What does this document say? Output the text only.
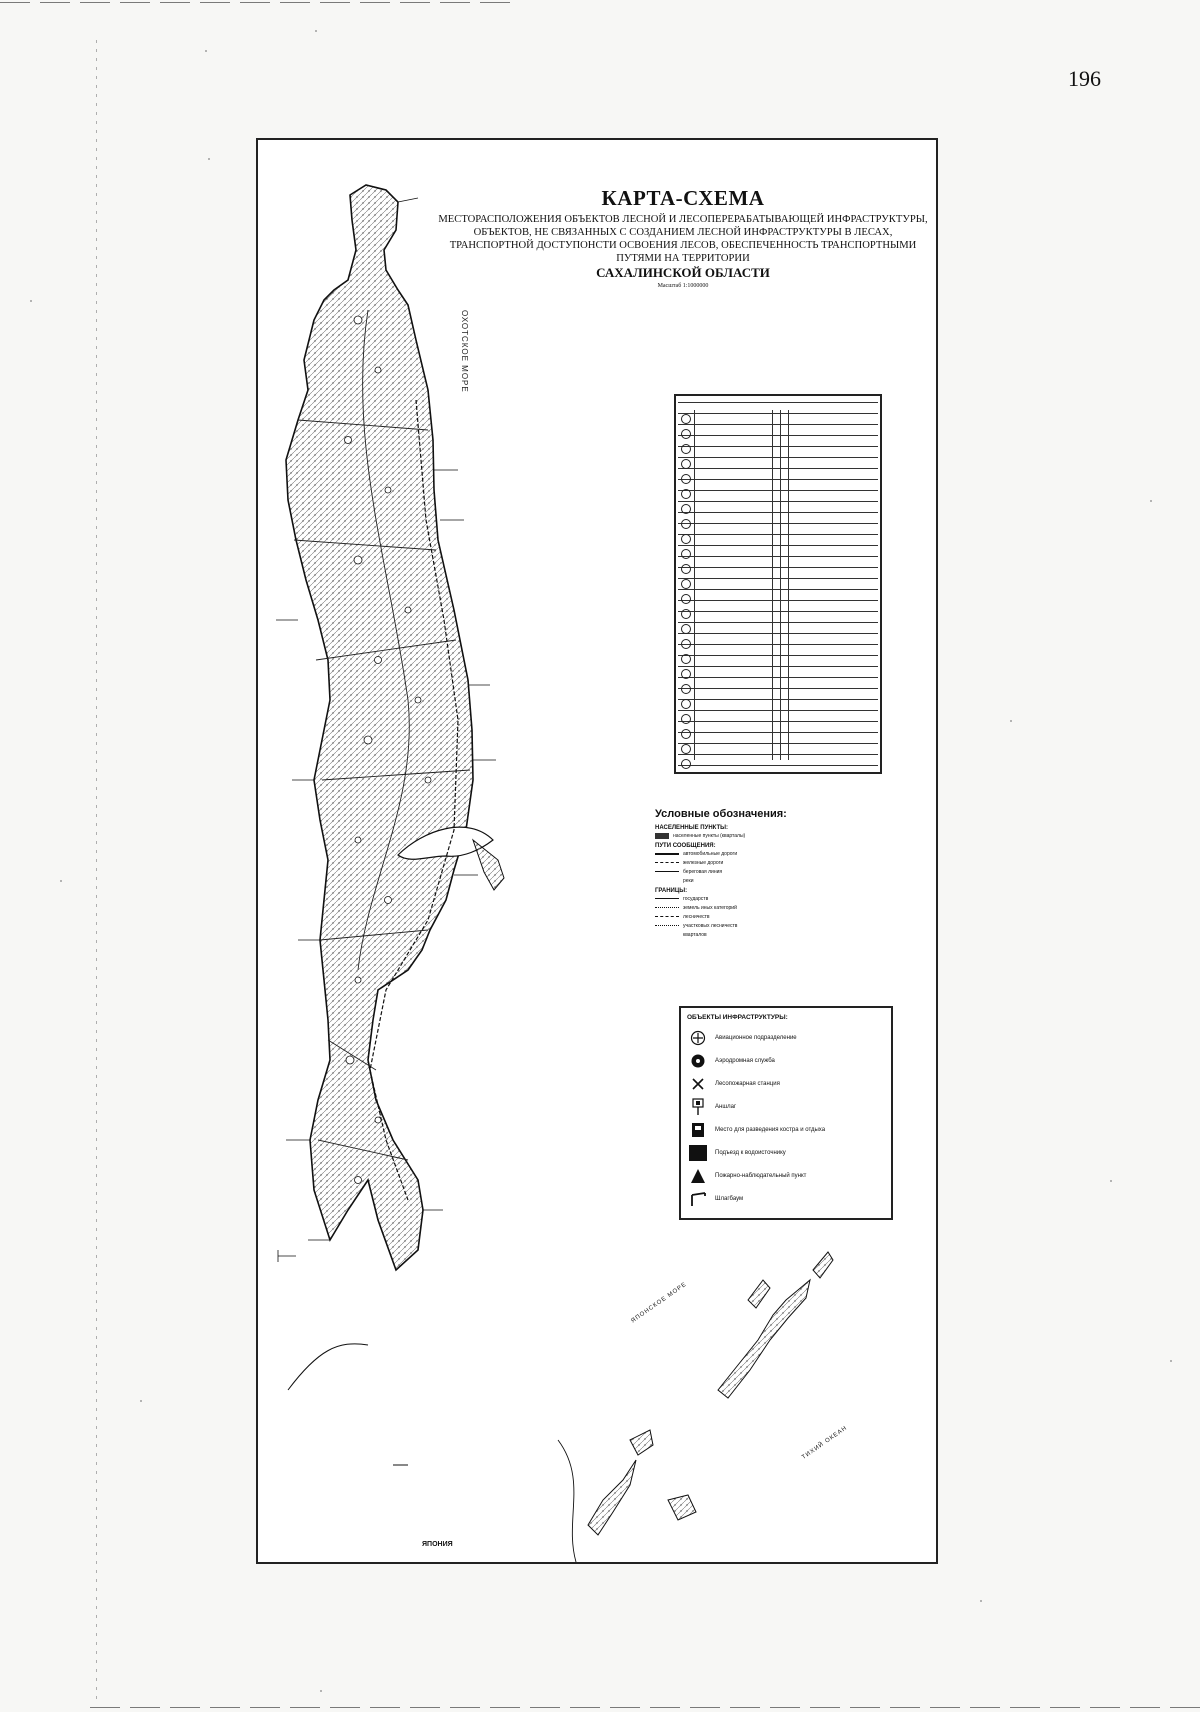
196
КАРТА-СХЕМА
МЕСТОРАСПОЛОЖЕНИЯ ОБЪЕКТОВ ЛЕСНОЙ И ЛЕСОПЕРЕРАБАТЫВАЮЩЕЙ ИНФРАСТРУКТУРЫ, ОБЪЕКТОВ, НЕ СВЯЗАННЫХ С СОЗДАНИЕМ ЛЕСНОЙ ИНФРАСТРУКТУРЫ В ЛЕСАХ, ТРАНСПОРТНОЙ ДОСТУПОНСТИ ОСВОЕНИЯ ЛЕСОВ, ОБЕСПЕЧЕННОСТЬ ТРАНСПОРТНЫМИ ПУТЯМИ НА ТЕРРИТОРИИ
САХАЛИНСКОЙ ОБЛАСТИ
Масштаб 1:1000000
ОХОТСКОЕ МОРЕ
ЯПОНСКОЕ МОРЕ
ТИХИЙ ОКЕАН
Условные обозначения:
НАСЕЛЕННЫЕ ПУНКТЫ:
населенные пункты (кварталы)
ПУТИ СООБЩЕНИЯ:
автомобильные дороги
железные дороги
береговая линия
реки
ГРАНИЦЫ:
государств
земель иных категорий
лесничеств
участковых лесничеств
кварталов
ОБЪЕКТЫ ИНФРАСТРУКТУРЫ:
Авиационное подразделение
Аэродромная служба
Лесопожарная станция
Аншлаг
Место для разведения костра и отдыха
Подъезд к водоисточнику
Пожарно-наблюдательный пункт
Шлагбаум
ЯПОНИЯ
